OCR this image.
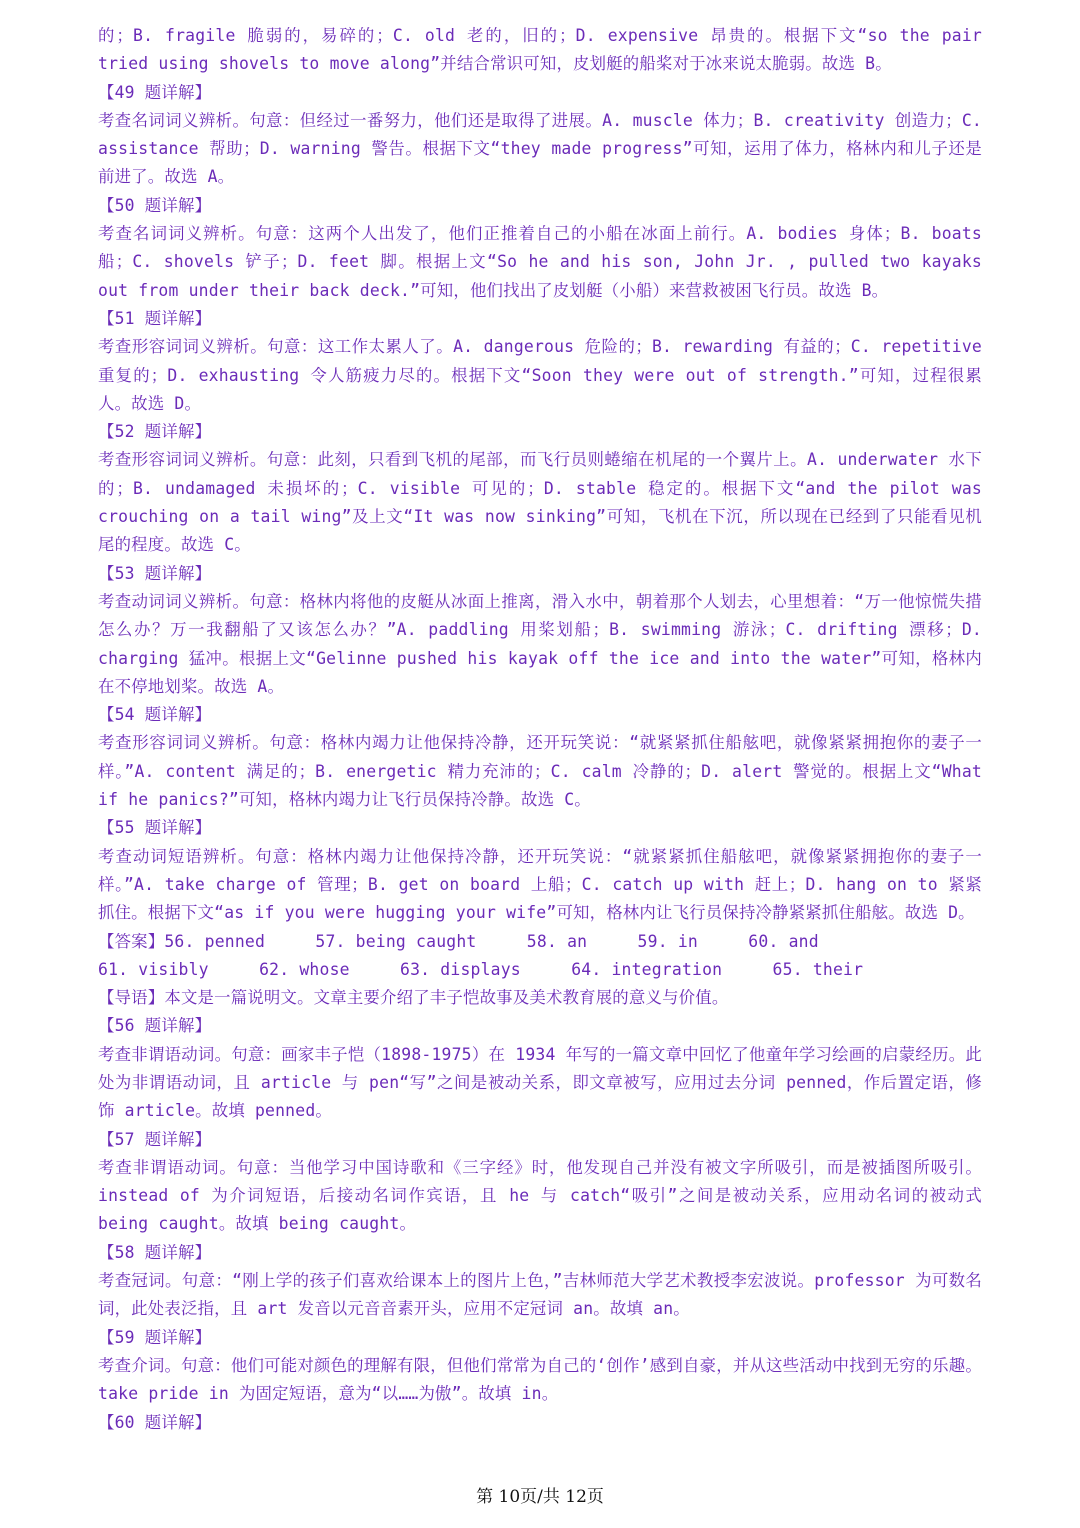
的；B. fragile 脆弱的，易碎的；C. old 老的，旧的；D. expensive 昂贵的。根据下文“so the pair tried using shovels to move along”并结合常识可知，皮划艇的船桨对于冰来说太脆弱。故选 B。

【49 题详解】

考查名词词义辨析。句意：但经过一番努力，他们还是取得了进展。A. muscle 体力；B. creativity 创造力；C. assistance 帮助；D. warning 警告。根据下文“they made progress”可知，运用了体力，格林内和儿子还是前进了。故选 A。

【50 题详解】

考查名词词义辨析。句意：这两个人出发了，他们正推着自己的小船在冰面上前行。A. bodies 身体；B. boats 船；C. shovels 铲子；D. feet 脚。根据上文“So he and his son, John Jr. , pulled two kayaks out from under their back deck.”可知，他们找出了皮划艇（小船）来营救被困飞行员。故选 B。

【51 题详解】

考查形容词词义辨析。句意：这工作太累人了。A. dangerous 危险的；B. rewarding 有益的；C. repetitive 重复的；D. exhausting 令人筋疲力尽的。根据下文“Soon they were out of strength.”可知，过程很累人。故选 D。

【52 题详解】

考查形容词词义辨析。句意：此刻，只看到飞机的尾部，而飞行员则蜷缩在机尾的一个翼片上。A. underwater 水下的；B. undamaged 未损坏的；C. visible 可见的；D. stable 稳定的。根据下文“and the pilot was crouching on a tail wing”及上文“It was now sinking”可知，飞机在下沉，所以现在已经到了只能看见机尾的程度。故选 C。

【53 题详解】

考查动词词义辨析。句意：格林内将他的皮艇从冰面上推离，滑入水中，朝着那个人划去，心里想着：“万一他惊慌失措怎么办？万一我翻船了又该怎么办？”A. paddling 用桨划船；B. swimming 游泳；C. drifting 漂移；D. charging 猛冲。根据上文“Gelinne pushed his kayak off the ice and into the water”可知，格林内在不停地划桨。故选 A。

【54 题详解】

考查形容词词义辨析。句意：格林内竭力让他保持冷静，还开玩笑说：“就紧紧抓住船舷吧，就像紧紧拥抱你的妻子一样。”A. content 满足的；B. energetic 精力充沛的；C. calm 冷静的；D. alert 警觉的。根据上文“What if he panics?”可知，格林内竭力让飞行员保持冷静。故选 C。

【55 题详解】

考查动词短语辨析。句意：格林内竭力让他保持冷静，还开玩笑说：“就紧紧抓住船舷吧，就像紧紧拥抱你的妻子一样。”A. take charge of 管理；B. get on board 上船；C. catch up with 赶上；D. hang on to 紧紧抓住。根据下文“as if you were hugging your wife”可知，格林内让飞行员保持冷静紧紧抓住船舷。故选 D。

【答案】56. penned     57. being caught     58. an     59. in     60. and

61. visibly     62. whose     63. displays     64. integration     65. their

【导语】本文是一篇说明文。文章主要介绍了丰子恺故事及美术教育展的意义与价值。

【56 题详解】

考查非谓语动词。句意：画家丰子恺（1898-1975）在 1934 年写的一篇文章中回忆了他童年学习绘画的启蒙经历。此处为非谓语动词，且 article 与 pen“写”之间是被动关系，即文章被写，应用过去分词 penned，作后置定语，修饰 article。故填 penned。

【57 题详解】

考查非谓语动词。句意：当他学习中国诗歌和《三字经》时，他发现自己并没有被文字所吸引，而是被插图所吸引。instead of 为介词短语，后接动名词作宾语，且 he 与 catch“吸引”之间是被动关系，应用动名词的被动式 being caught。故填 being caught。

【58 题详解】

考查冠词。句意：“刚上学的孩子们喜欢给课本上的图片上色，”吉林师范大学艺术教授李宏波说。professor 为可数名词，此处表泛指，且 art 发音以元音音素开头，应用不定冠词 an。故填 an。

【59 题详解】

考查介词。句意：他们可能对颜色的理解有限，但他们常常为自己的‘创作’感到自豪，并从这些活动中找到无穷的乐趣。take pride in 为固定短语，意为“以……为傲”。故填 in。

【60 题详解】

第 10页/共 12页
